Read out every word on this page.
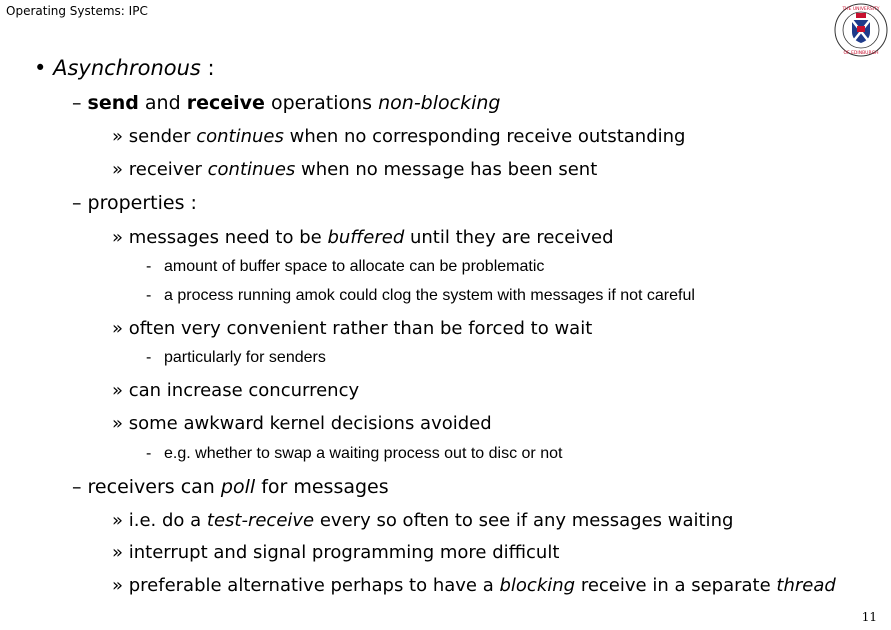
Operating Systems: IPC	THE UNIVERSITY
OF EDINBURGH
• Asynchronous :
– send and receive operations non-blocking
» sender continues when no corresponding receive outstanding
» receiver continues when no message has been sent
– properties :
» messages need to be buffered until they are received
- amount of buffer space to allocate can be problematic
- a process running amok could clog the system with messages if not careful
» often very convenient rather than be forced to wait
- particularly for senders
» can increase concurrency
» some awkward kernel decisions avoided
- e.g. whether to swap a waiting process out to disc or not
– receivers can poll for messages
» i.e. do a test-receive every so often to see if any messages waiting
» interrupt and signal programming more difficult
» preferable alternative perhaps to have a blocking receive in a separate thread
11
